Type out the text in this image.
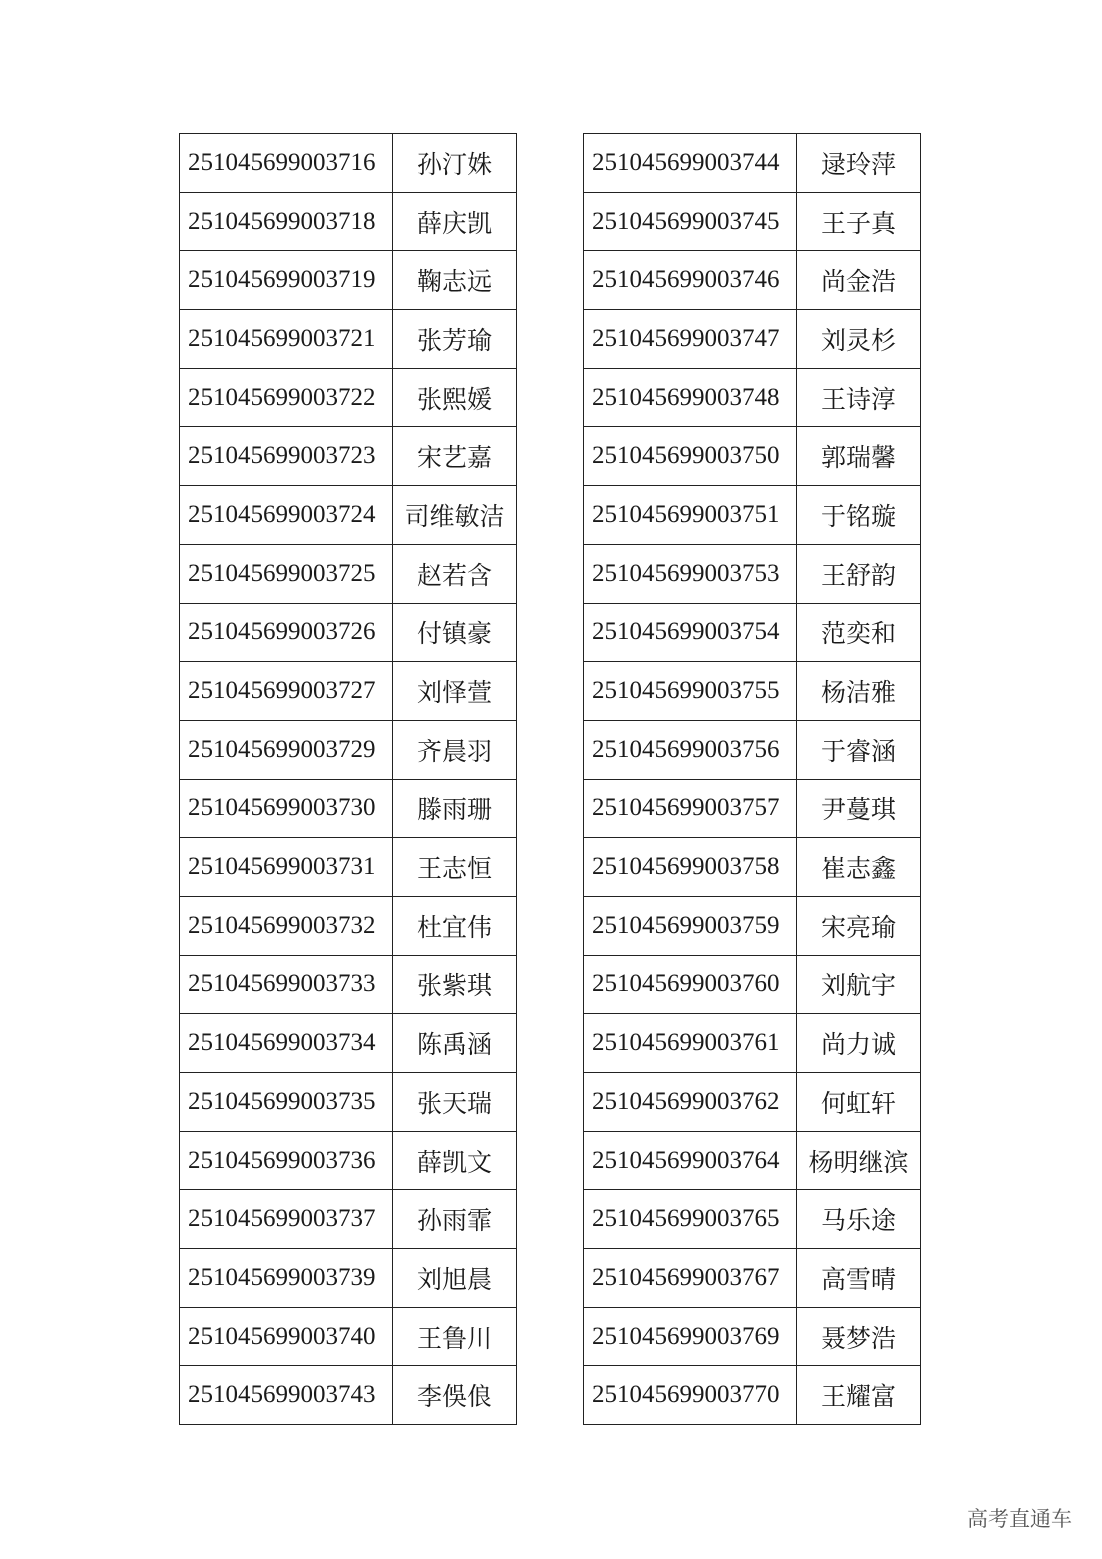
251045699003716	孙汀姝
251045699003718	薛庆凯
251045699003719	鞠志远
251045699003721	张芳瑜
251045699003722	张熙媛
251045699003723	宋艺嘉
251045699003724	司维敏洁
251045699003725	赵若含
251045699003726	付镇豪
251045699003727	刘怿萱
251045699003729	齐晨羽
251045699003730	滕雨珊
251045699003731	王志恒
251045699003732	杜宜伟
251045699003733	张紫琪
251045699003734	陈禹涵
251045699003735	张天瑞
251045699003736	薛凯文
251045699003737	孙雨霏
251045699003739	刘旭晨
251045699003740	王鲁川
251045699003743	李俁俍
251045699003744	逯玲萍
251045699003745	王子真
251045699003746	尚金浩
251045699003747	刘灵杉
251045699003748	王诗淳
251045699003750	郭瑞馨
251045699003751	于铭璇
251045699003753	王舒韵
251045699003754	范奕和
251045699003755	杨洁雅
251045699003756	于睿涵
251045699003757	尹蔓琪
251045699003758	崔志鑫
251045699003759	宋亮瑜
251045699003760	刘航宇
251045699003761	尚力诚
251045699003762	何虹轩
251045699003764	杨明继滨
251045699003765	马乐途
251045699003767	高雪晴
251045699003769	聂梦浩
251045699003770	王耀富
高考直通车
